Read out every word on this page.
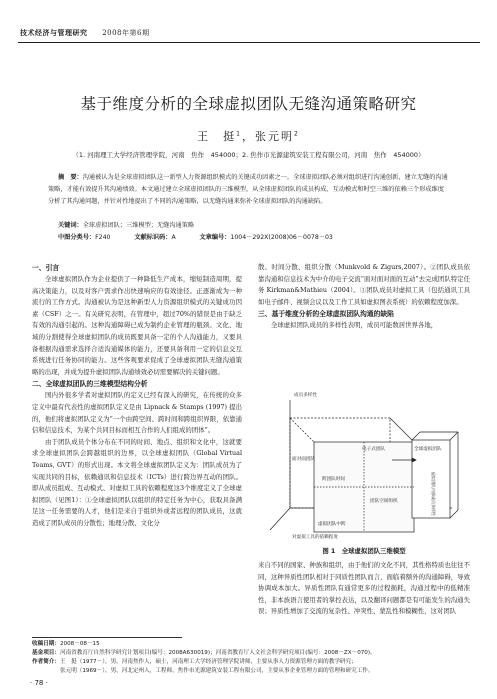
技术经济与管理研究 2008年第6期
基于维度分析的全球虚拟团队无缝沟通策略研究
王　挺$^1$，张元明$^2$
（1. 河南理工大学经济管理学院，河南　焦作　454000；2. 焦作市光源建筑安装工程有限公司，河南　焦作　454000）
摘　要：沟通被认为是全球虚拟团队这一新型人力资源组织模式的关键成功因素之一。全球虚拟团队必须对组织进行沟通创新，建立无缝的沟通策略，才能有效提升其沟通绩效。本文通过建立全球虚拟团队的三维模型，从全球虚拟团队的成员构成、互动模式和时空三维的依赖三个形成维度分析了其沟通问题，并针对性地提出了不同的沟通策略，以无缝沟通来弥补全球虚拟团队的沟通缺陷。
关键词：全球虚拟团队；三维模型；无缝沟通策略
中图分类号：F240	文献标识码：A	文章编号：1004－292X(2008)06－0078－03

一、引言

全球虚拟团队作为企业提供了一种降低生产成本，缩短制造周期，提高决策能力，以及对客户需求作出快速响应的有效途径。正逐渐成为一种流行的工作方式。沟通被认为是这种新型人力资源组织模式的关键成功因素（CSF）之一。有关研究表明，在管理中，超过70%的错误是由于缺乏有效的沟通引起的。这种沟通障碍已成为制约企业管理的瓶颈。文化、地域的分割使得全球虚拟团队的成员既要具备一定的个人沟通能力，又要具备根据沟通需求选择合适沟通媒体的能力，还要具备利用一定的信息交互系统进行任务协同的能力。这些客观要求促成了全球虚拟团队无缝沟通策略的出现，并成为提升虚拟团队沟通绩效必切需要解决的关键问题。

二、全球虚拟团队的三维模型结构分析

国内外很多学者对虚拟团队的定义已经有深入的研究，在传统的众多定义中最有代表性的虚拟团队定义是由 Lipnack & Stamps (1997) 提出的，他们将虚拟团队定义为“一个由跨空间、跨时间和跨组织界限，依靠通信和信息技术，为某个共同目标而相互合作的人们组成的团体”。

由于团队成员个体分布在不同的时间、地点、组织和文化中，这就要求全球虚拟团队会跨越组织的边界，以全球虚拟团队（Global Virtual Teams, GVT）的形式出现。本文将全球虚拟团队定义为：团队成员为了实现共同的目标，依赖通讯和信息技术（ICTs）进行跨边界互动的团队。即从成员组成、互动模式、对虚拟工具的依赖程度这3个维度定义了全球虚拟团队（见图1）：①全球虚拟团队以组织的特定任务为中心，获取具备满足这一任务需要的人才，他们是来自于组织外或者远程的团队成员，这就造成了团队成员的分散性；地理分散、文化分

散、时间分散、组织分散（Munkvold & Zigurs,2007）。②团队成员依靠沟通和信息技术为中介的电子交流“面对面对面的互动”去完成团队特定任务 Kirkman&Mathieu（2004）。③团队成员对虚拟工具（包括通讯工具如电子邮件、视频会议以及工作工具如虚拟图表系统）的依赖程度加深。

三、基于维度分析的全球虚拟团队沟通的缺陷

全球虚拟团队成员的多样性表明，成员可能数居世界各地，

成员多样性
电子式团队
面对面团队
全球虚拟团队
跨团队时间
团队空间组织
虚拟团队中跨
对虚拟工具的依赖程度
虚拟团队内部成员多样性
图 1　全球虚拟团队三维模型

来自不同的国家、种族和组织，由于他们的文化不同，其性格特质也往往不同，这种异质性团队相对于同质性团队而言，面临着额外的沟通障碍，导致协调成本加大。异质性团队有通常更多的过程损耗，沟通过程中的低精准性，非本族语言使用者的掌控表达，以及翻译问题都是有可能发生的沟通失误；异质性增加了交流的复杂性、冲突性、蒙乱性和模糊性，这对团队

收稿日期：2008－08－15
基金项目：河南省教育厅自然科学研究计划项目(编号：2008A630019)；河南省教育厅人文社会科学研究项目(编号：2008－ZX－070)。
作者简介：王　挺（1977－），男，河南焦作人，硕士，河南理工大学经济管理学院讲师，主要从事人力资源管理方面的教学研究；
张元明（1969－），男，河北定州人，工程师，焦作市光源建筑安装工程有限公司，主要从事企业管理方面的管理和研究工作。
· 78 ·
